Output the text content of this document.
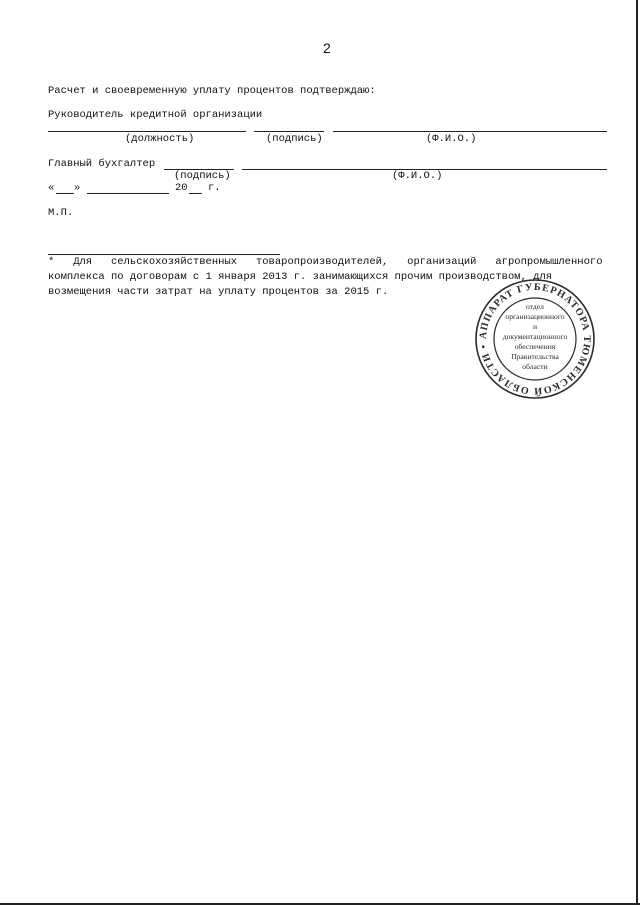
2
Расчет и своевременную уплату процентов подтверждаю:
Руководитель кредитной организации
(должность)	(подпись)	(Ф.И.О.)
Главный бухгалтер
(подпись)	(Ф.И.О.)
« »	20 г.
М.П.
*   Для   сельскохозяйственных   товаропроизводителей,   организаций   агропромышленного
комплекса по договорам с 1 января 2013 г. занимающихся прочим производством, для
возмещения части затрат на уплату процентов за 2015 г.
АППАРАТ ГУБЕРНАТОРА ТЮМЕНСКОЙ ОБЛАСТИ •
отдел
организационного
и
документационного
обеспечения
Правительства
области
